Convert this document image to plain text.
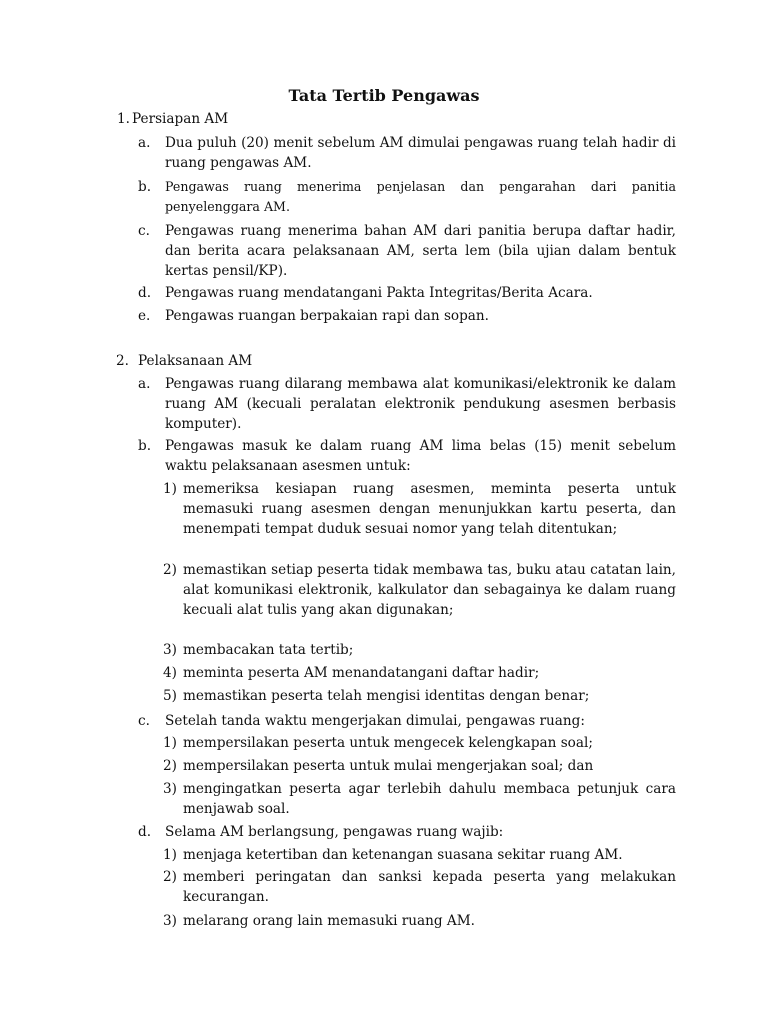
Tata Tertib Pengawas
1. Persiapan AM
a. Dua puluh (20) menit sebelum AM dimulai pengawas ruang telah hadir di ruang pengawas AM.
b. Pengawas ruang menerima penjelasan dan pengarahan dari panitia penyelenggara AM.
c. Pengawas ruang menerima bahan AM dari panitia berupa daftar hadir, dan berita acara pelaksanaan AM, serta lem (bila ujian dalam bentuk kertas pensil/KP).
d. Pengawas ruang mendatangani Pakta Integritas/Berita Acara.
e. Pengawas ruangan berpakaian rapi dan sopan.
2. Pelaksanaan AM
a. Pengawas ruang dilarang membawa alat komunikasi/elektronik ke dalam ruang AM (kecuali peralatan elektronik pendukung asesmen berbasis komputer).
b. Pengawas masuk ke dalam ruang AM lima belas (15) menit sebelum waktu pelaksanaan asesmen untuk:
1) memeriksa kesiapan ruang asesmen, meminta peserta untuk memasuki ruang asesmen dengan menunjukkan kartu peserta, dan menempati tempat duduk sesuai nomor yang telah ditentukan;
2) memastikan setiap peserta tidak membawa tas, buku atau catatan lain, alat komunikasi elektronik, kalkulator dan sebagainya ke dalam ruang kecuali alat tulis yang akan digunakan;
3) membacakan tata tertib;
4) meminta peserta AM menandatangani daftar hadir;
5) memastikan peserta telah mengisi identitas dengan benar;
c. Setelah tanda waktu mengerjakan dimulai, pengawas ruang:
1) mempersilakan peserta untuk mengecek kelengkapan soal;
2) mempersilakan peserta untuk mulai mengerjakan soal; dan
3) mengingatkan peserta agar terlebih dahulu membaca petunjuk cara menjawab soal.
d. Selama AM berlangsung, pengawas ruang wajib:
1) menjaga ketertiban dan ketenangan suasana sekitar ruang AM.
2) memberi peringatan dan sanksi kepada peserta yang melakukan kecurangan.
3) melarang orang lain memasuki ruang AM.
